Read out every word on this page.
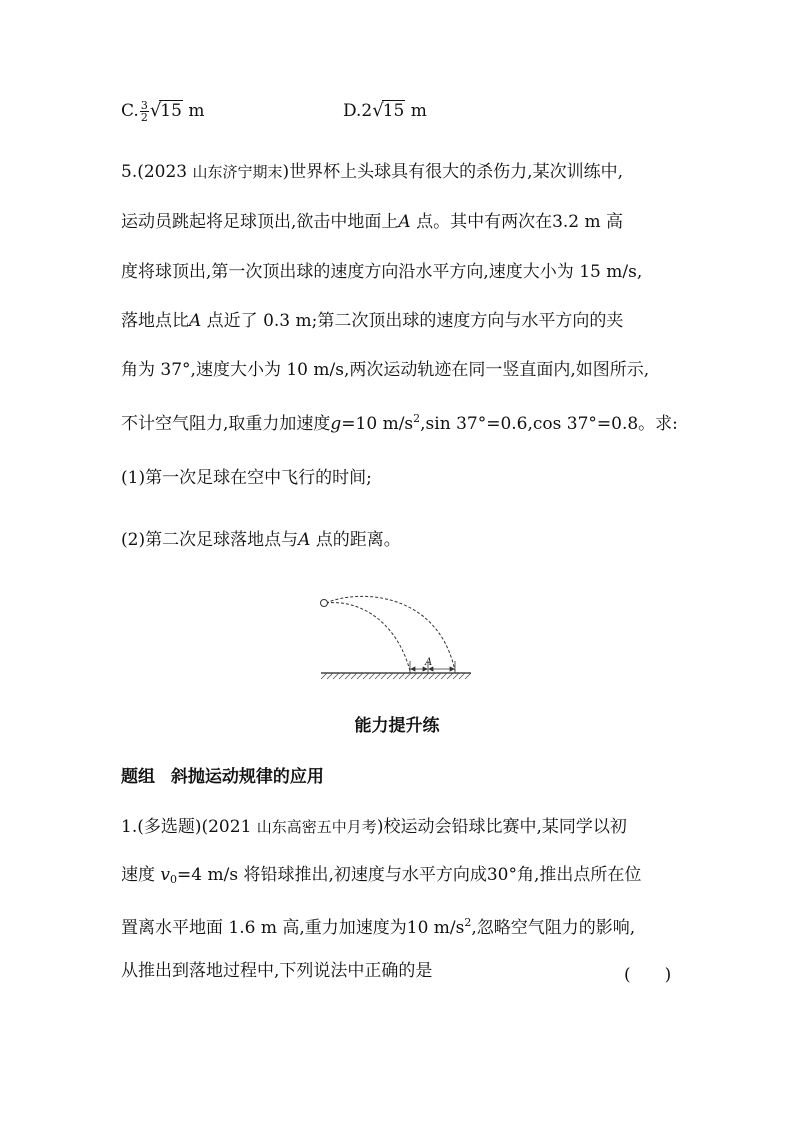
C. $\frac{3}{2} √15$ m	D.2√15 m
5.(2023 山东济宁期末)世界杯上头球具有很大的杀伤力,某次训练中,
运动员跳起将足球顶出,欲击中地面上A 点。其中有两次在3.2 m 高
度将球顶出,第一次顶出球的速度方向沿水平方向,速度大小为 15 m/s,
落地点比A 点近了 0.3 m;第二次顶出球的速度方向与水平方向的夹
角为 37°,速度大小为 10 m/s,两次运动轨迹在同一竖直面内,如图所示,
不计空气阻力,取重力加速度g=10 $m/s^2,\sin$ 37°=0.6,cos 37°=0.8。求:
(1)第一次足球在空中飞行的时间;
(2)第二次足球落地点与A 点的距离。
A
能力提升练
题组 斜抛运动规律的应用
1.(多选题)(2021 山东高密五中月考)校运动会铅球比赛中,某同学以初
速度 $v_0=4$ m/s 将铅球推出,初速度与水平方向成30°角,推出点所在位
置离水平地面 1.6 m 高,重力加速度为10 $m/s^2$,忽略空气阻力的影响,
从推出到落地过程中,下列说法中正确的是	(　　)
